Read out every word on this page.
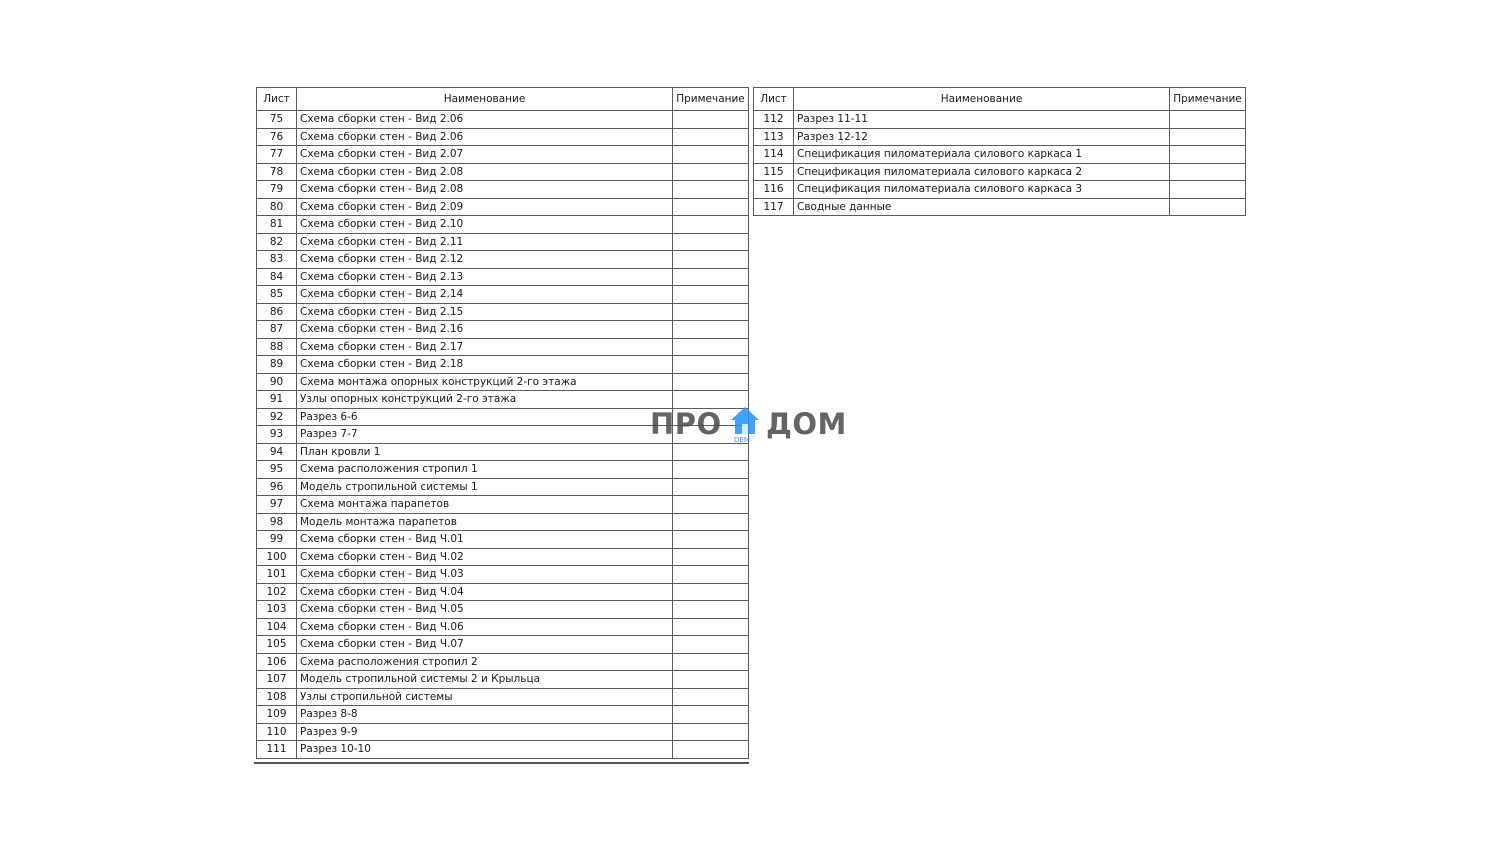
Лист	Наименование	Примечание
75	Схема сборки стен - Вид 2.06	
76	Схема сборки стен - Вид 2.06	
77	Схема сборки стен - Вид 2.07	
78	Схема сборки стен - Вид 2.08	
79	Схема сборки стен - Вид 2.08	
80	Схема сборки стен - Вид 2.09	
81	Схема сборки стен - Вид 2.10	
82	Схема сборки стен - Вид 2.11	
83	Схема сборки стен - Вид 2.12	
84	Схема сборки стен - Вид 2.13	
85	Схема сборки стен - Вид 2.14	
86	Схема сборки стен - Вид 2.15	
87	Схема сборки стен - Вид 2.16	
88	Схема сборки стен - Вид 2.17	
89	Схема сборки стен - Вид 2.18	
90	Схема монтажа опорных конструкций 2-го этажа	
91	Узлы опорных конструкций 2-го этажа	
92	Разрез 6-6	
93	Разрез 7-7	
94	План кровли 1	
95	Схема расположения стропил 1	
96	Модель стропильной системы 1	
97	Схема монтажа парапетов	
98	Модель монтажа парапетов	
99	Схема сборки стен - Вид Ч.01	
100	Схема сборки стен - Вид Ч.02	
101	Схема сборки стен - Вид Ч.03	
102	Схема сборки стен - Вид Ч.04	
103	Схема сборки стен - Вид Ч.05	
104	Схема сборки стен - Вид Ч.06	
105	Схема сборки стен - Вид Ч.07	
106	Схема расположения стропил 2	
107	Модель стропильной системы 2 и Крыльца	
108	Узлы стропильной системы	
109	Разрез 8-8	
110	Разрез 9-9	
111	Разрез 10-10	
Лист	Наименование	Примечание
112	Разрез 11-11	
113	Разрез 12-12	
114	Спецификация пиломатериала силового каркаса 1	
115	Спецификация пиломатериала силового каркаса 2	
116	Спецификация пиломатериала силового каркаса 3	
117	Сводные данные	
ПРО DEM ДОМ
